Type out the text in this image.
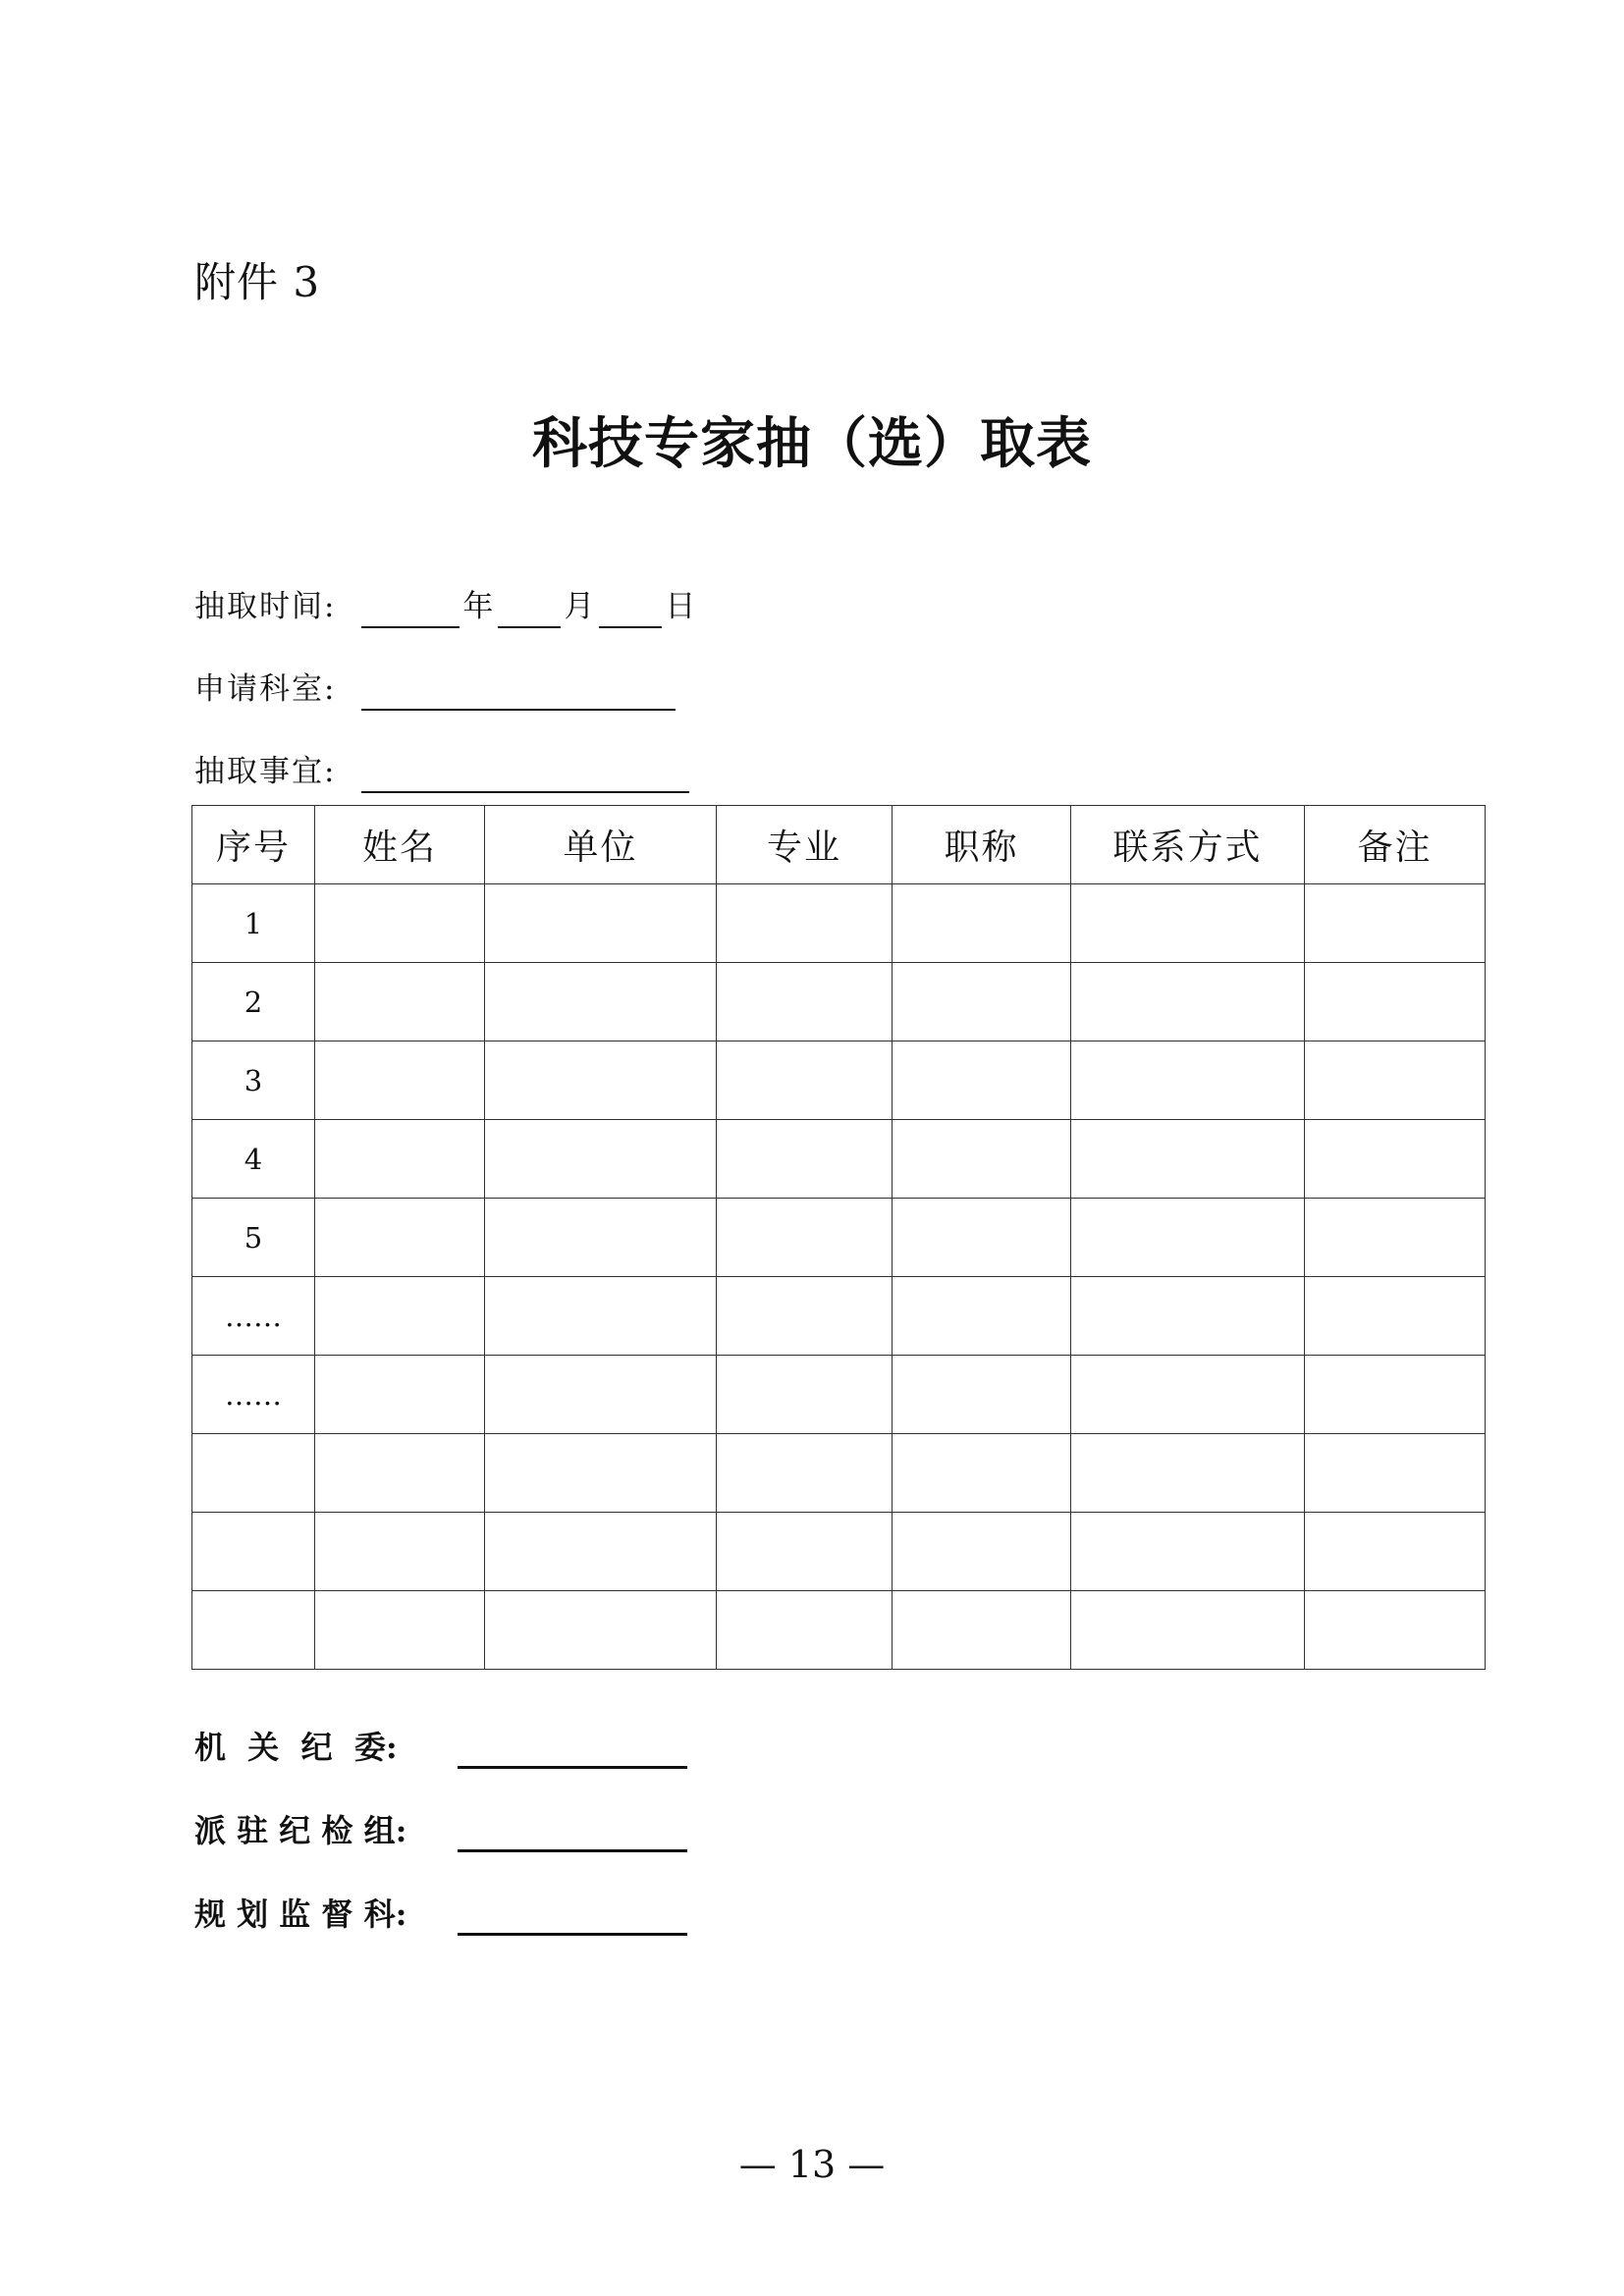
附件 3
科技专家抽（选）取表
抽取时间:	年 月 日
申请科室:
抽取事宜:
序号	姓名	单位	专业	职称	联系方式	备注
1						
2						
3						
4						
5						
……						
……						

机  关  纪  委:
派 驻 纪 检 组:
规 划 监 督 科:
— 13 —
